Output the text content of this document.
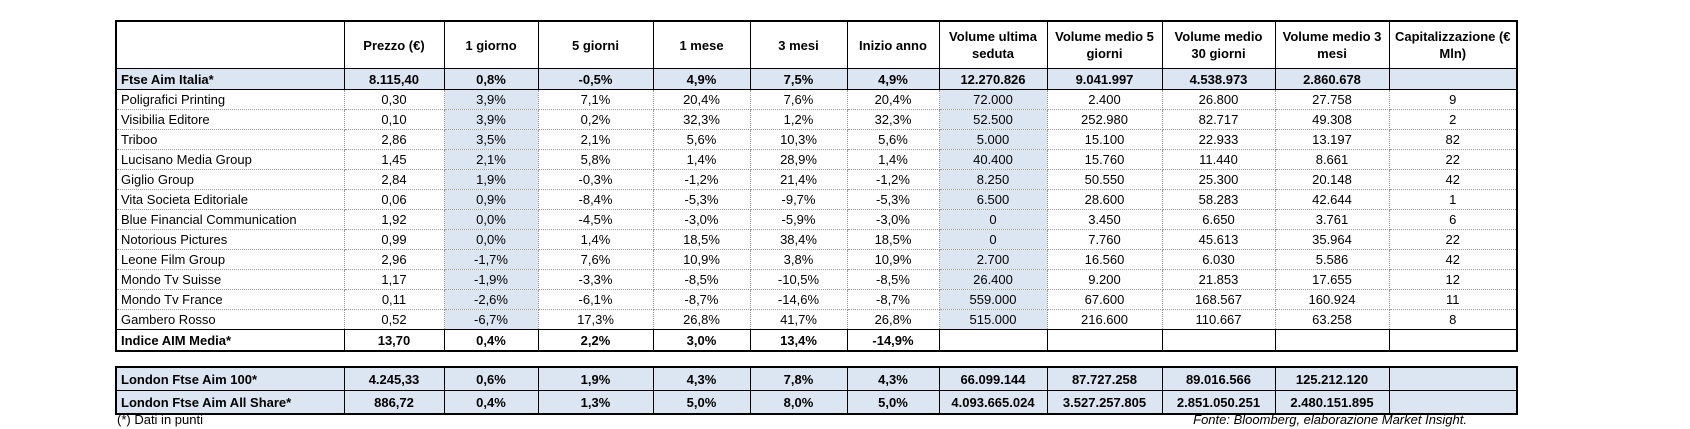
	Prezzo (€)	1 giorno	5 giorni	1 mese	3 mesi	Inizio anno	Volume ultima seduta	Volume medio 5 giorni	Volume medio 30 giorni	Volume medio 3 mesi	Capitalizzazione (€ Mln)
Ftse Aim Italia*	8.115,40	0,8%	-0,5%	4,9%	7,5%	4,9%	12.270.826	9.041.997	4.538.973	2.860.678	
Poligrafici Printing	0,30	3,9%	7,1%	20,4%	7,6%	20,4%	72.000	2.400	26.800	27.758	9
Visibilia Editore	0,10	3,9%	0,2%	32,3%	1,2%	32,3%	52.500	252.980	82.717	49.308	2
Triboo	2,86	3,5%	2,1%	5,6%	10,3%	5,6%	5.000	15.100	22.933	13.197	82
Lucisano Media Group	1,45	2,1%	5,8%	1,4%	28,9%	1,4%	40.400	15.760	11.440	8.661	22
Giglio Group	2,84	1,9%	-0,3%	-1,2%	21,4%	-1,2%	8.250	50.550	25.300	20.148	42
Vita Societa Editoriale	0,06	0,9%	-8,4%	-5,3%	-9,7%	-5,3%	6.500	28.600	58.283	42.644	1
Blue Financial Communication	1,92	0,0%	-4,5%	-3,0%	-5,9%	-3,0%	0	3.450	6.650	3.761	6
Notorious Pictures	0,99	0,0%	1,4%	18,5%	38,4%	18,5%	0	7.760	45.613	35.964	22
Leone Film Group	2,96	-1,7%	7,6%	10,9%	3,8%	10,9%	2.700	16.560	6.030	5.586	42
Mondo Tv Suisse	1,17	-1,9%	-3,3%	-8,5%	-10,5%	-8,5%	26.400	9.200	21.853	17.655	12
Mondo Tv France	0,11	-2,6%	-6,1%	-8,7%	-14,6%	-8,7%	559.000	67.600	168.567	160.924	11
Gambero Rosso	0,52	-6,7%	17,3%	26,8%	41,7%	26,8%	515.000	216.600	110.667	63.258	8
Indice AIM Media*	13,70	0,4%	2,2%	3,0%	13,4%	-14,9%					
London Ftse Aim 100*	4.245,33	0,6%	1,9%	4,3%	7,8%	4,3%	66.099.144	87.727.258	89.016.566	125.212.120	
London Ftse Aim All Share*	886,72	0,4%	1,3%	5,0%	8,0%	5,0%	4.093.665.024	3.527.257.805	2.851.050.251	2.480.151.895	
(*) Dati in punti	Fonte: Bloomberg, elaborazione Market Insight.
